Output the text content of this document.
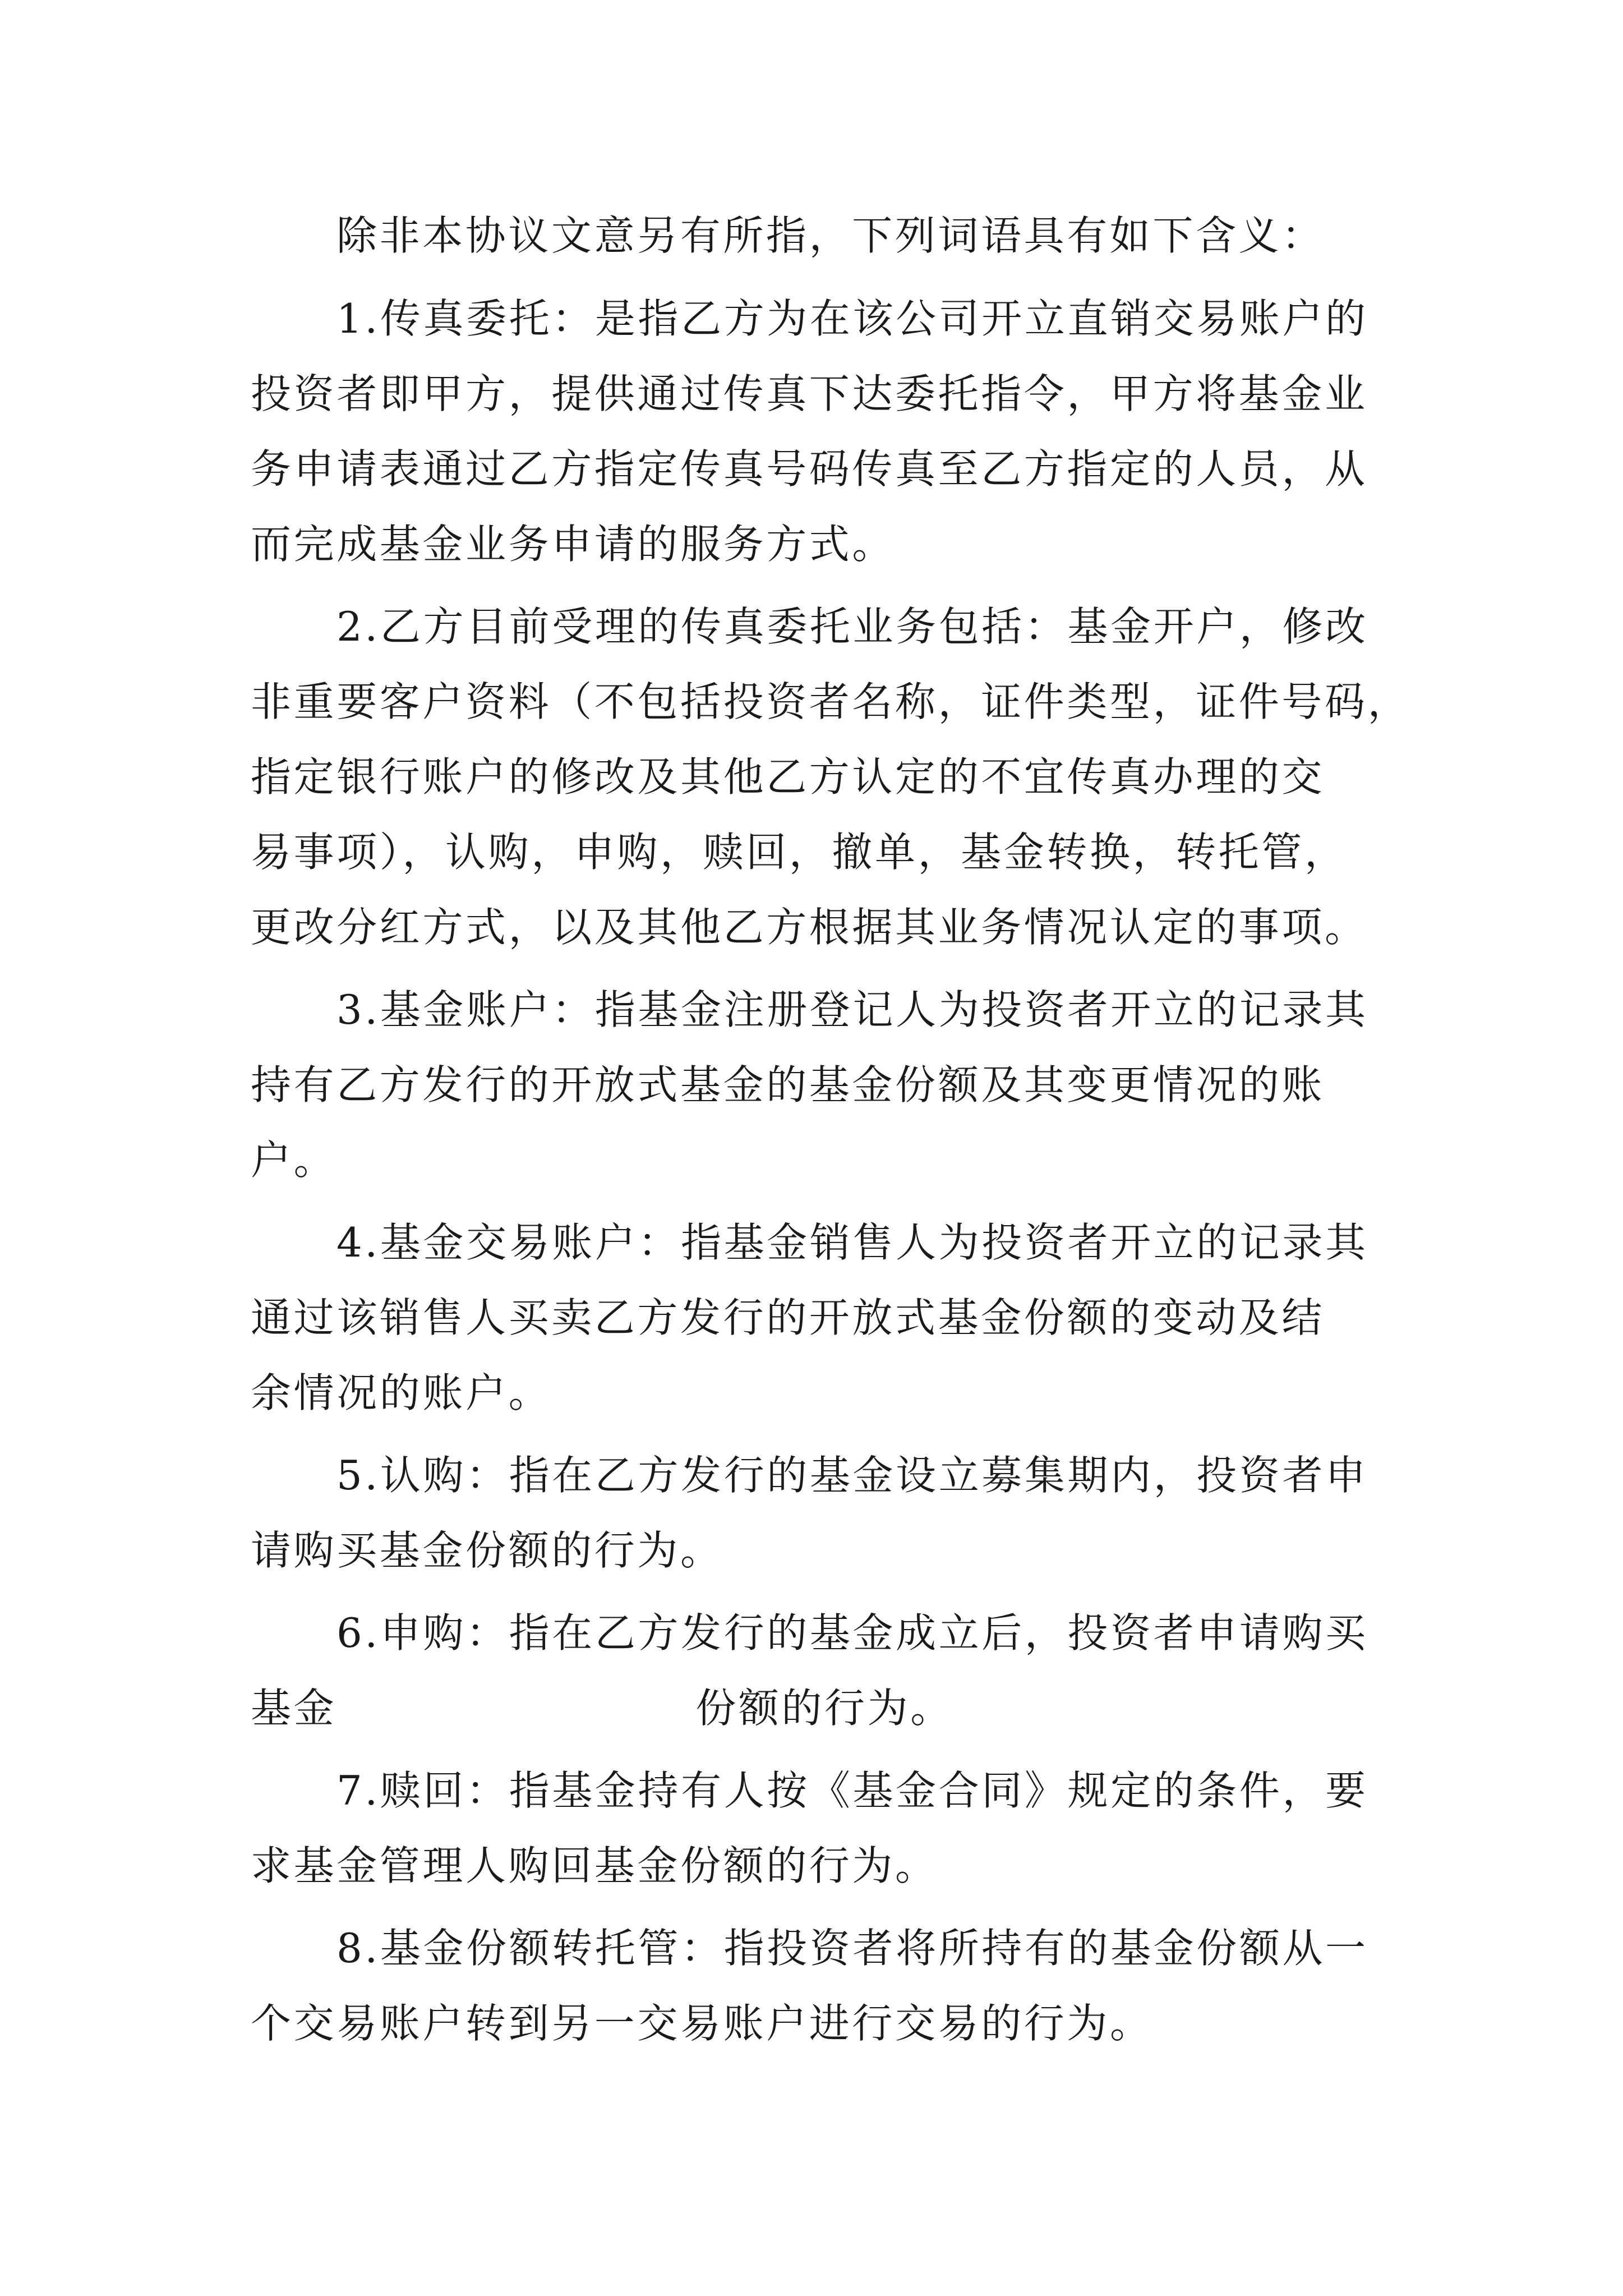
除非本协议文意另有所指，下列词语具有如下含义：

1.传真委托：是指乙方为在该公司开立直销交易账户的

投资者即甲方，提供通过传真下达委托指令，甲方将基金业

务申请表通过乙方指定传真号码传真至乙方指定的人员，从

而完成基金业务申请的服务方式。

2.乙方目前受理的传真委托业务包括：基金开户，修改

非重要客户资料（不包括投资者名称，证件类型，证件号码，

指定银行账户的修改及其他乙方认定的不宜传真办理的交

易事项），认购，申购，赎回，撤单，基金转换，转托管，

更改分红方式，以及其他乙方根据其业务情况认定的事项。

3.基金账户：指基金注册登记人为投资者开立的记录其

持有乙方发行的开放式基金的基金份额及其变更情况的账

户。

4.基金交易账户：指基金销售人为投资者开立的记录其

通过该销售人买卖乙方发行的开放式基金份额的变动及结

余情况的账户。

5.认购：指在乙方发行的基金设立募集期内，投资者申

请购买基金份额的行为。

6.申购：指在乙方发行的基金成立后，投资者申请购买

基金	份额的行为。

7.赎回：指基金持有人按《基金合同》规定的条件，要

求基金管理人购回基金份额的行为。

8.基金份额转托管：指投资者将所持有的基金份额从一

个交易账户转到另一交易账户进行交易的行为。
